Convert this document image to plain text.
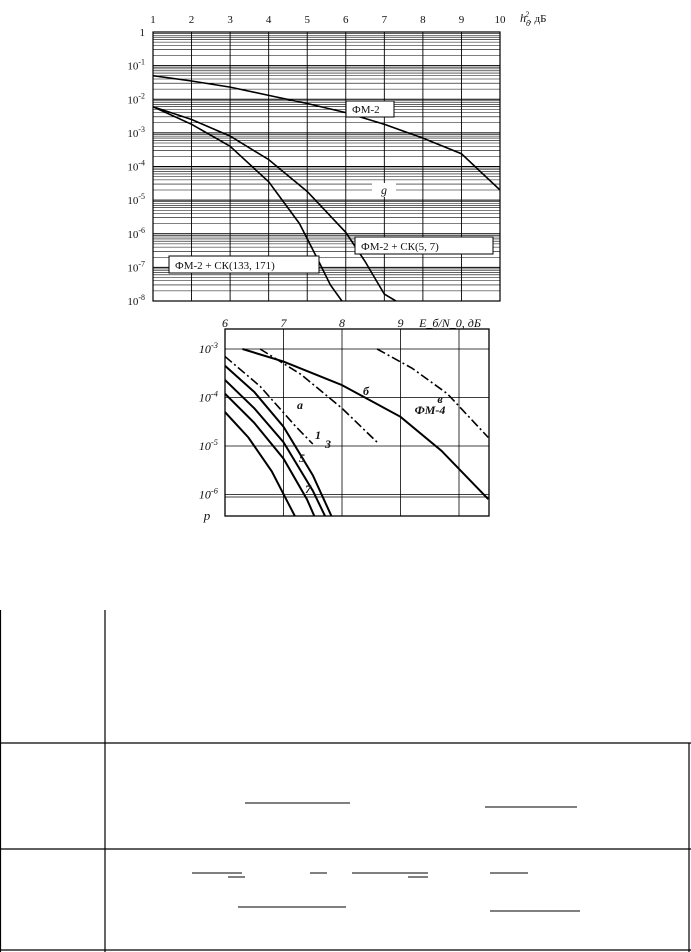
1	2	3	4	5	6	7	8	9	10
1
$10^{-1}$
$10^{-2}$
$10^{-3}$
$10^{-4}$
$10^{-5}$
$10^{-6}$
$10^{-7}$
$10^{-8}$
$h_б2$, дБ
ФМ-2
ФМ-2 + СК(5, 7)
ФМ-2 + СК(133, 171)
g
6	7	8	9
$10^{-3}$
$10^{-4}$
$10^{-5}$
$10^{-6}$
p
E_б/N_0, дБ
а
б
в
ФМ-4
1
3
5
7
